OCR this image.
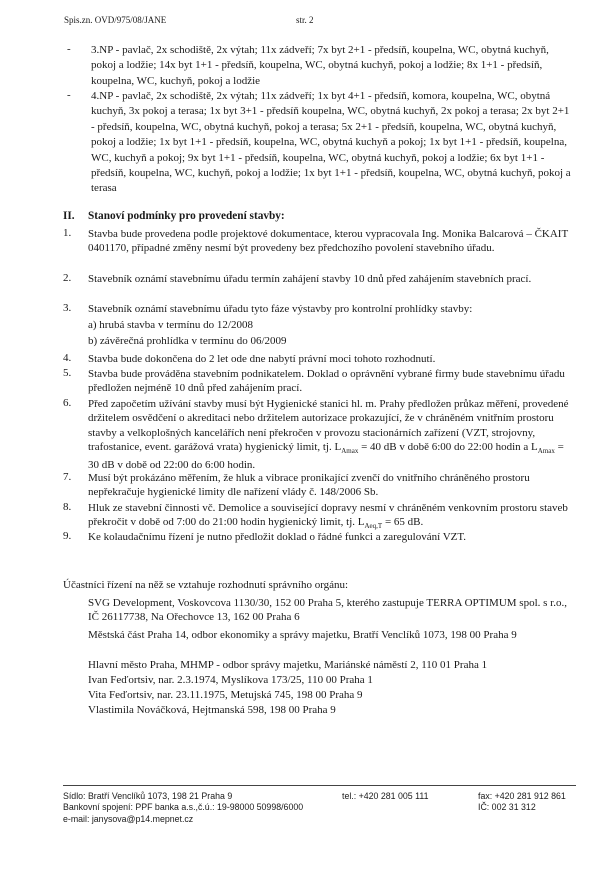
Spis.zn. OVD/975/08/JANE	str. 2
- 3.NP - pavlač, 2x schodiště, 2x výtah; 11x zádveří; 7x byt 2+1 - předsíň, koupelna, WC, obytná kuchyň, pokoj a lodžie; 14x byt 1+1 - předsíň, koupelna, WC, obytná kuchyň, pokoj a lodžie; 8x 1+1 - předsíň, koupelna, WC, kuchyň, pokoj a lodžie
- 4.NP - pavlač, 2x schodiště, 2x výtah; 11x zádveří; 1x byt 4+1 - předsíň, komora, koupelna, WC, obytná kuchyň, 3x pokoj a terasa; 1x byt 3+1 - předsíň koupelna, WC, obytná kuchyň, 2x pokoj a terasa; 2x byt 2+1 - předsíň, koupelna, WC, obytná kuchyň, pokoj a terasa; 5x 2+1 - předsíň, koupelna, WC, obytná kuchyň, pokoj a lodžie; 1x byt 1+1 - předsíň, koupelna, WC, obytná kuchyň a pokoj; 1x byt 1+1 - předsíň, koupelna, WC, kuchyň a pokoj; 9x byt 1+1 - předsíň, koupelna, WC, obytná kuchyň, pokoj a lodžie; 6x byt 1+1 - předsíň, koupelna, WC, kuchyň, pokoj a lodžie; 1x byt 1+1 - předsíň, koupelna, WC, obytná kuchyň, pokoj a terasa
II. Stanoví podmínky pro provedení stavby:
1. Stavba bude provedena podle projektové dokumentace, kterou vypracovala Ing. Monika Balcarová – ČKAIT 0401170, případné změny nesmí být provedeny bez předchozího povolení stavebního úřadu.
2. Stavebník oznámí stavebnímu úřadu termín zahájení stavby 10 dnů před zahájením stavebních prací.
3. Stavebník oznámí stavebnímu úřadu tyto fáze výstavby pro kontrolní prohlídky stavby:
a) hrubá stavba v termínu do 12/2008
b) závěrečná prohlídka v termínu do 06/2009
4. Stavba bude dokončena do 2 let ode dne nabytí právní moci tohoto rozhodnutí.
5. Stavba bude prováděna stavebním podnikatelem. Doklad o oprávnění vybrané firmy bude stavebnímu úřadu předložen nejméně 10 dnů před zahájením prací.
6. Před započetím užívání stavby musí být Hygienické stanici hl. m. Prahy předložen průkaz měření, provedené držitelem osvědčení o akreditaci nebo držitelem autorizace prokazující, že v chráněném vnitřním prostoru stavby a velkoplošných kancelářích není překročen v provozu stacionárních zařízení (VZT, strojovny, trafostanice, event. garážová vrata) hygienický limit, tj. $L_{Amax} = 40$ dB v době 6:00 do 22:00 hodin a $L_{Amax} = 30$ dB v době od 22:00 do 6:00 hodin.
7. Musí být prokázáno měřením, že hluk a vibrace pronikající zvenčí do vnitřního chráněného prostoru nepřekračuje hygienické limity dle nařízení vlády č. 148/2006 Sb.
8. Hluk ze stavební činnosti vč. Demolice a související dopravy nesmí v chráněném venkovním prostoru staveb překročit v době od 7:00 do 21:00 hodin hygienický limit, tj. $L_{Aeq,T} = 65$ dB.
9. Ke kolaudačnímu řízení je nutno předložit doklad o řádné funkci a zaregulování VZT.
Účastníci řízení na něž se vztahuje rozhodnutí správního orgánu:
SVG Development, Voskovcova 1130/30, 152 00 Praha 5, kterého zastupuje TERRA OPTIMUM spol. s r.o., IČ 26117738, Na Ořechovce 13, 162 00 Praha 6
Městská část Praha 14, odbor ekonomiky a správy majetku, Bratří Venclíků 1073, 198 00 Praha 9
Hlavní město Praha, MHMP - odbor správy majetku, Mariánské náměstí 2, 110 01 Praha 1
Ivan Feďortsiv, nar. 2.3.1974, Myslíkova 173/25, 110 00 Praha 1
Vita Feďortsiv, nar. 23.11.1975, Metujská 745, 198 00 Praha 9
Vlastimila Nováčková, Hejtmanská 598, 198 00 Praha 9
Sídlo: Bratří Venclíků 1073, 198 21 Praha 9
Bankovní spojení: PPF banka a.s.,č.ú.: 19-98000 50998/6000
e-mail: janysova@p14.mepnet.cz
tel.: +420 281 005 111	fax: +420 281 912 861
IČ: 002 31 312
